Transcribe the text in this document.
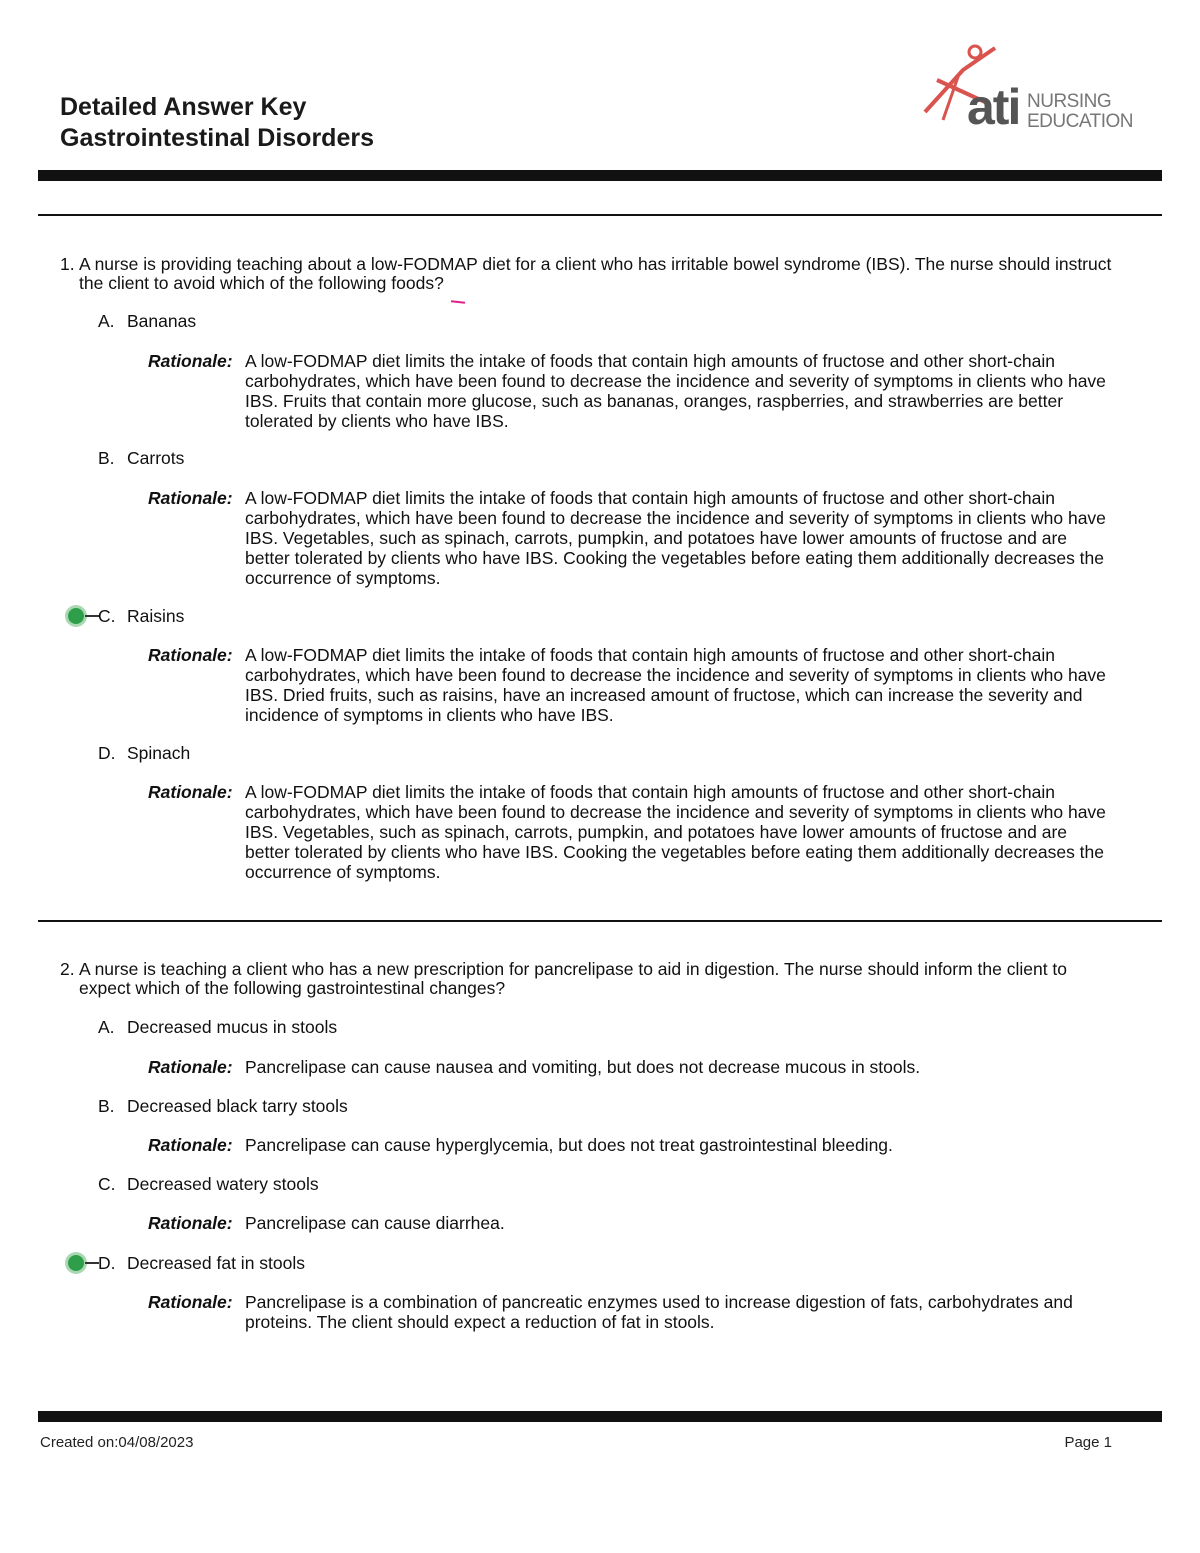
Detailed Answer Key
Gastrointestinal Disorders
ati NURSING
EDUCATION
1. A nurse is providing teaching about a low-FODMAP diet for a client who has irritable bowel syndrome (IBS). The nurse should instruct the client to avoid which of the following foods?
A. Bananas
Rationale: A low-FODMAP diet limits the intake of foods that contain high amounts of fructose and other short-chain carbohydrates, which have been found to decrease the incidence and severity of symptoms in clients who have IBS. Fruits that contain more glucose, such as bananas, oranges, raspberries, and strawberries are better tolerated by clients who have IBS.
B. Carrots
Rationale: A low-FODMAP diet limits the intake of foods that contain high amounts of fructose and other short-chain carbohydrates, which have been found to decrease the incidence and severity of symptoms in clients who have IBS. Vegetables, such as spinach, carrots, pumpkin, and potatoes have lower amounts of fructose and are better tolerated by clients who have IBS. Cooking the vegetables before eating them additionally decreases the occurrence of symptoms.
C. Raisins
Rationale: A low-FODMAP diet limits the intake of foods that contain high amounts of fructose and other short-chain carbohydrates, which have been found to decrease the incidence and severity of symptoms in clients who have IBS. Dried fruits, such as raisins, have an increased amount of fructose, which can increase the severity and incidence of symptoms in clients who have IBS.
D. Spinach
Rationale: A low-FODMAP diet limits the intake of foods that contain high amounts of fructose and other short-chain carbohydrates, which have been found to decrease the incidence and severity of symptoms in clients who have IBS. Vegetables, such as spinach, carrots, pumpkin, and potatoes have lower amounts of fructose and are better tolerated by clients who have IBS. Cooking the vegetables before eating them additionally decreases the occurrence of symptoms.
2. A nurse is teaching a client who has a new prescription for pancrelipase to aid in digestion. The nurse should inform the client to expect which of the following gastrointestinal changes?
A. Decreased mucus in stools
Rationale: Pancrelipase can cause nausea and vomiting, but does not decrease mucous in stools.
B. Decreased black tarry stools
Rationale: Pancrelipase can cause hyperglycemia, but does not treat gastrointestinal bleeding.
C. Decreased watery stools
Rationale: Pancrelipase can cause diarrhea.
D. Decreased fat in stools
Rationale: Pancrelipase is a combination of pancreatic enzymes used to increase digestion of fats, carbohydrates and proteins. The client should expect a reduction of fat in stools.
Created on:04/08/2023	Page 1
